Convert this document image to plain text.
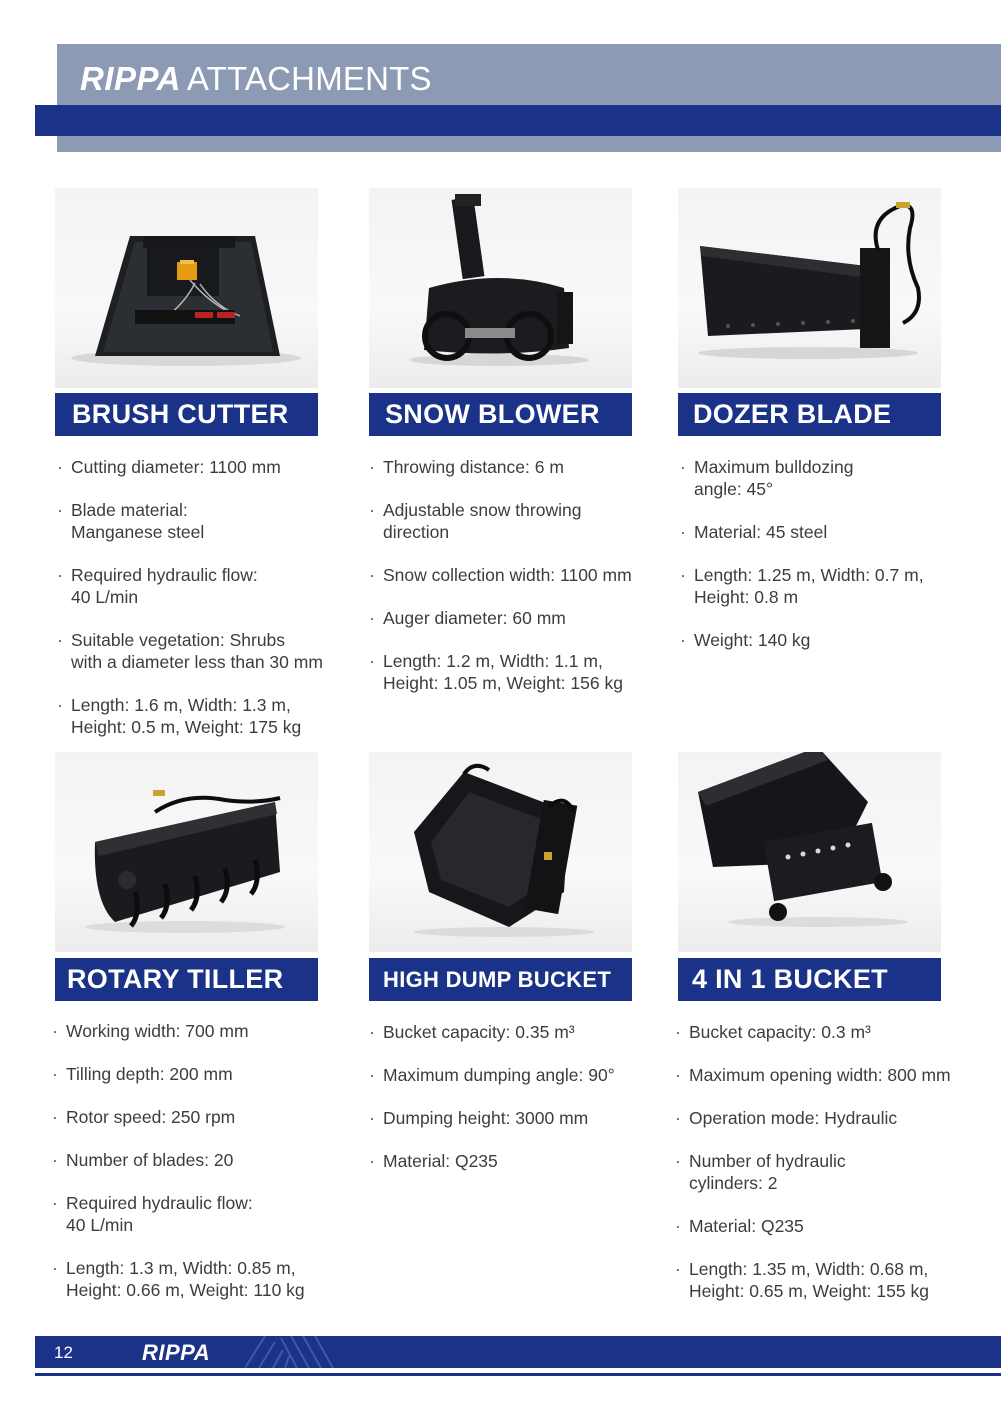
RIPPA ATTACHMENTS
BRUSH CUTTER
· Cutting diameter: 1100 mm
· Blade material:
Manganese steel
· Required hydraulic flow:
40 L/min
· Suitable vegetation: Shrubs
with a diameter less than 30 mm
· Length: 1.6 m, Width: 1.3 m,
Height: 0.5 m, Weight: 175 kg
SNOW BLOWER
· Throwing distance: 6 m
· Adjustable snow throwing
direction
· Snow collection width: 1100 mm
· Auger diameter: 60 mm
· Length: 1.2 m, Width: 1.1 m,
Height: 1.05 m, Weight: 156 kg
DOZER BLADE
· Maximum bulldozing
angle: 45°
· Material: 45 steel
· Length: 1.25 m, Width: 0.7 m,
Height: 0.8 m
· Weight: 140 kg
ROTARY TILLER
· Working width: 700 mm
· Tilling depth: 200 mm
· Rotor speed: 250 rpm
· Number of blades: 20
· Required hydraulic flow:
40 L/min
· Length: 1.3 m, Width: 0.85 m,
Height: 0.66 m, Weight: 110 kg
HIGH DUMP BUCKET
· Bucket capacity: 0.35 m³
· Maximum dumping angle: 90°
· Dumping height: 3000 mm
· Material: Q235
4 IN 1 BUCKET
· Bucket capacity: 0.3 m³
· Maximum opening width: 800 mm
· Operation mode: Hydraulic
· Number of hydraulic
cylinders: 2
· Material: Q235
· Length: 1.35 m, Width: 0.68 m,
Height: 0.65 m, Weight: 155 kg
12	RIPPA
